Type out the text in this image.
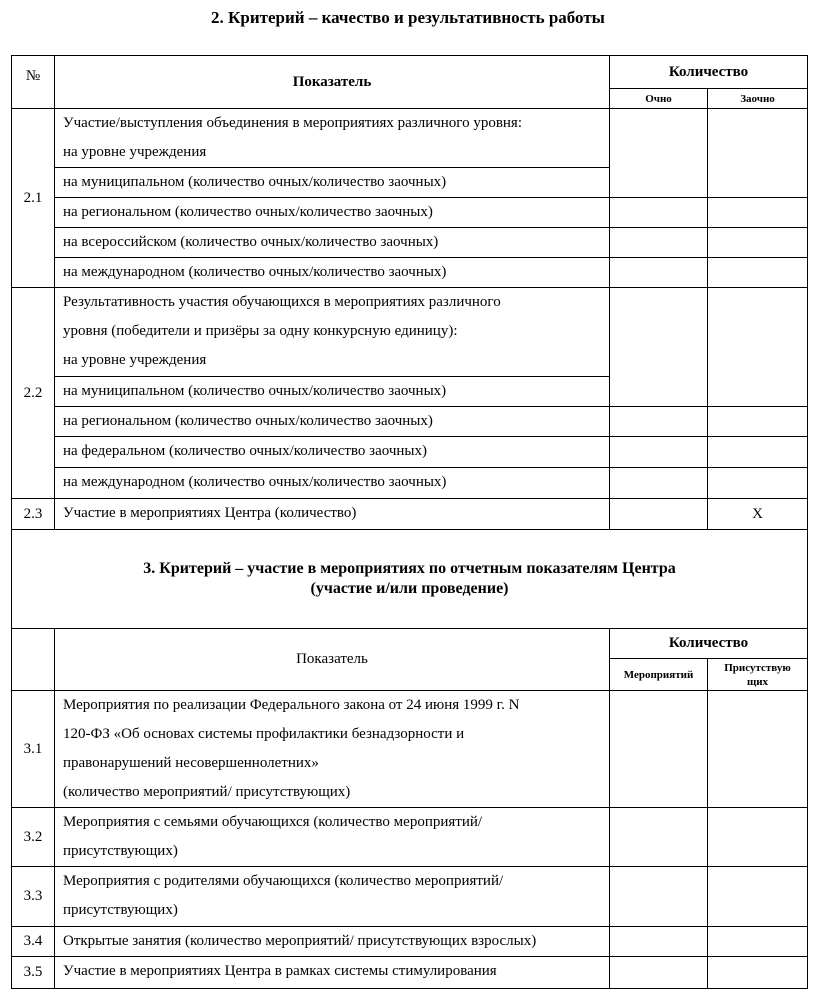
2. Критерий – качество и результативность работы
№	Показатель	Количество	
		Очно	Заочно
2.1	Участие/выступления объединения в мероприятиях различного уровня:
на уровне учреждения		
	на муниципальном (количество очных/количество заочных)		
	на региональном (количество очных/количество заочных)		
	на всероссийском (количество очных/количество заочных)		
	на международном (количество очных/количество заочных)		
2.2	Результативность участия обучающихся в мероприятиях различного
уровня (победители и призёры за одну конкурсную единицу):
на уровне учреждения		
	на муниципальном (количество очных/количество заочных)		
	на региональном (количество очных/количество заочных)		
	на федеральном (количество очных/количество заочных)		
	на международном (количество очных/количество заочных)		
2.3	Участие в мероприятиях Центра (количество)		Х

3. Критерий – участие в мероприятиях по отчетным показателям Центра
(участие и/или проведение)			

	Показатель	Количество	
		Мероприятий	Присутствую
щих
3.1	Мероприятия по реализации Федерального закона от 24 июня 1999 г. N
120-ФЗ «Об основах системы профилактики безнадзорности и
правонарушений несовершеннолетних»
(количество мероприятий/ присутствующих)		
3.2	Мероприятия с семьями обучающихся (количество мероприятий/
присутствующих)		
3.3	Мероприятия с родителями обучающихся (количество мероприятий/
присутствующих)		
3.4	Открытые занятия (количество мероприятий/ присутствующих взрослых)		
3.5	Участие в мероприятиях Центра в рамках системы стимулирования		
